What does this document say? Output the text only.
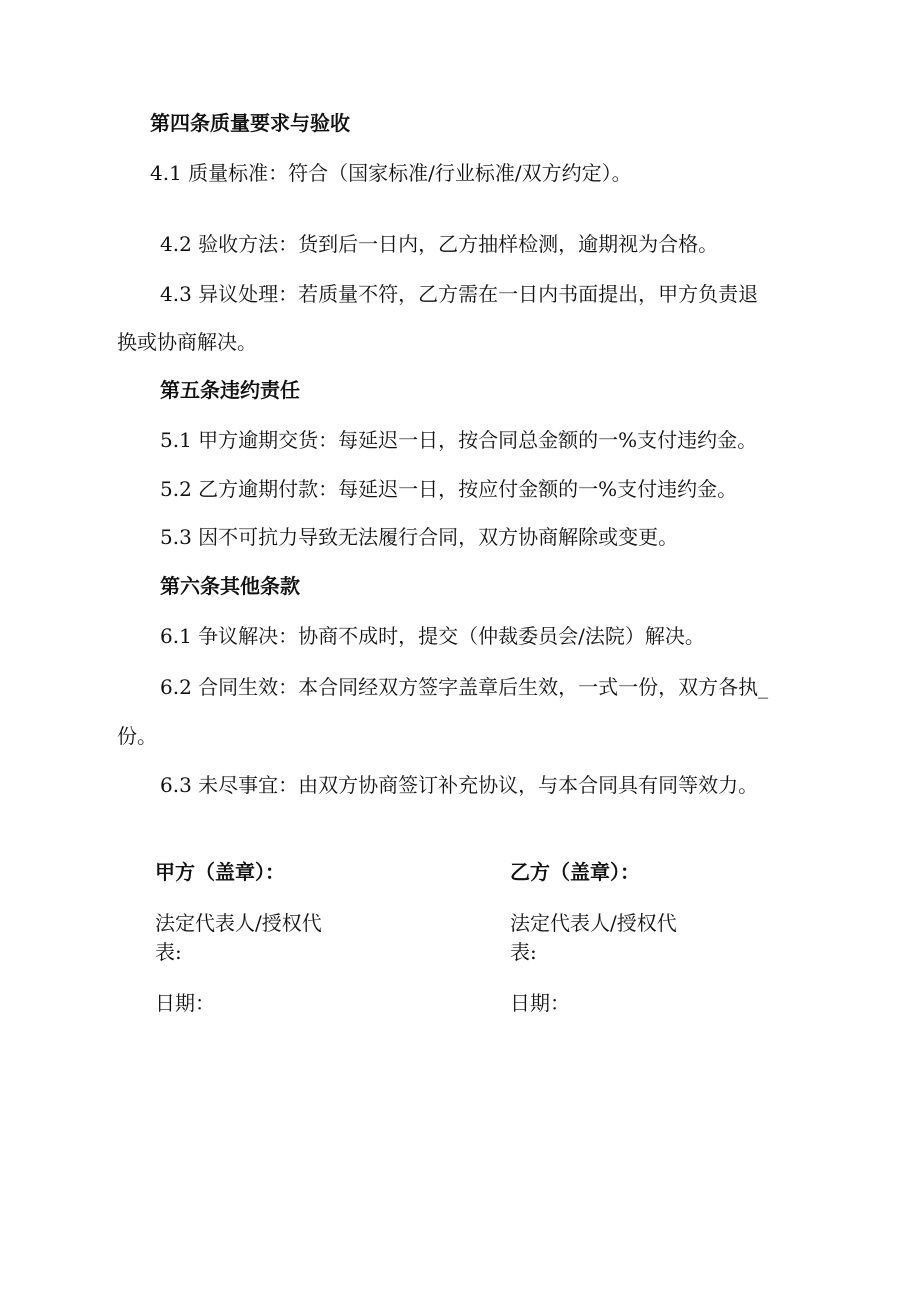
第四条质量要求与验收

4.1 质量标准：符合（国家标准/行业标准/双方约定）。

4.2 验收方法：货到后一日内，乙方抽样检测，逾期视为合格。

4.3 异议处理：若质量不符，乙方需在一日内书面提出，甲方负责退

换或协商解决。

第五条违约责任

5.1 甲方逾期交货：每延迟一日，按合同总金额的一%支付违约金。

5.2 乙方逾期付款：每延迟一日，按应付金额的一%支付违约金。

5.3 因不可抗力导致无法履行合同，双方协商解除或变更。

第六条其他条款

6.1 争议解决：协商不成时，提交（仲裁委员会/法院）解决。

6.2 合同生效：本合同经双方签字盖章后生效，一式一份，双方各执_

份。

6.3 未尽事宜：由双方协商签订补充协议，与本合同具有同等效力。

甲方（盖章）：

法定代表人/授权代

表:

日期：

乙方（盖章）：

法定代表人/授权代

表:

日期：
